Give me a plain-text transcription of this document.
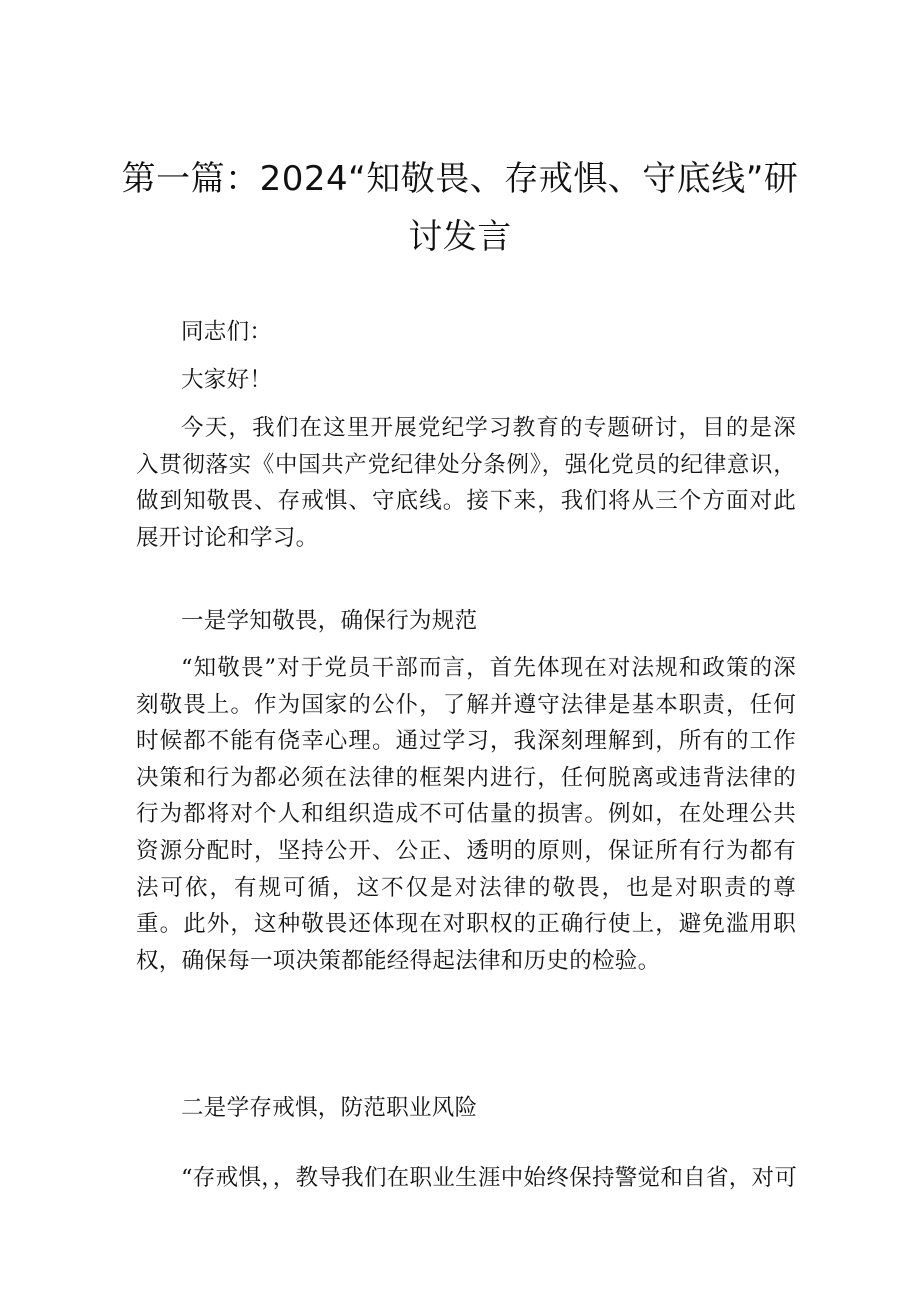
第一篇：2024“知敬畏、存戒惧、守底线”研
讨发言

同志们：

大家好！

今天，我们在这里开展党纪学习教育的专题研讨，目的是深入贯彻落实《中国共产党纪律处分条例》，强化党员的纪律意识，做到知敬畏、存戒惧、守底线。接下来，我们将从三个方面对此展开讨论和学习。

一是学知敬畏，确保行为规范

“知敬畏”对于党员干部而言，首先体现在对法规和政策的深刻敬畏上。作为国家的公仆，了解并遵守法律是基本职责，任何时候都不能有侥幸心理。通过学习，我深刻理解到，所有的工作决策和行为都必须在法律的框架内进行，任何脱离或违背法律的行为都将对个人和组织造成不可估量的损害。例如，在处理公共资源分配时，坚持公开、公正、透明的原则，保证所有行为都有法可依，有规可循，这不仅是对法律的敬畏，也是对职责的尊重。此外，这种敬畏还体现在对职权的正确行使上，避免滥用职权，确保每一项决策都能经得起法律和历史的检验。

二是学存戒惧，防范职业风险

“存戒惧，，教导我们在职业生涯中始终保持警觉和自省，对可
